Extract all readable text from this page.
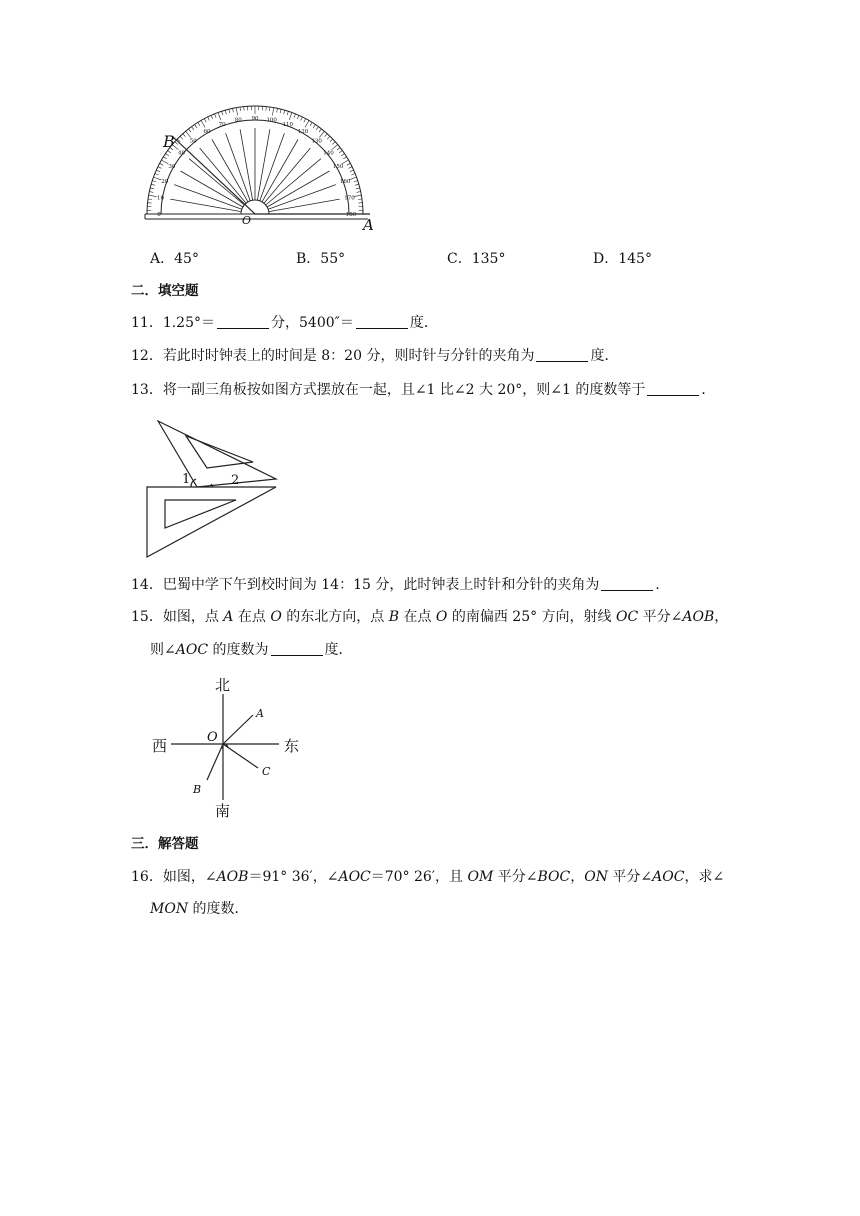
0
10
20
30
40
50
60
70
80 90 100
110
120
130
140
150
160
170
180
B
O	A
A．45°	B．55°	C．135°	D．145°
二．填空题
11．1.25°＝	分，5400″＝	度．
12．若此时时钟表上的时间是 8：20 分，则时针与分针的夹角为	度．
13．将一副三角板按如图方式摆放在一起，且∠1 比∠2 大 20°，则∠1 的度数等于	．
1	2
14．巴蜀中学下午到校时间为 14：15 分，此时钟表上时针和分针的夹角为	．
15．如图，点 A 在点 O 的东北方向，点 B 在点 O 的南偏西 25° 方向，射线 OC 平分∠AOB，
则∠AOC 的度数为	度．
北
南
西	东
O
A
B
C
三．解答题
16．如图，∠AOB＝91° 36′，∠AOC＝70° 26′，且 OM 平分∠BOC，ON 平分∠AOC，求∠
MON 的度数．
